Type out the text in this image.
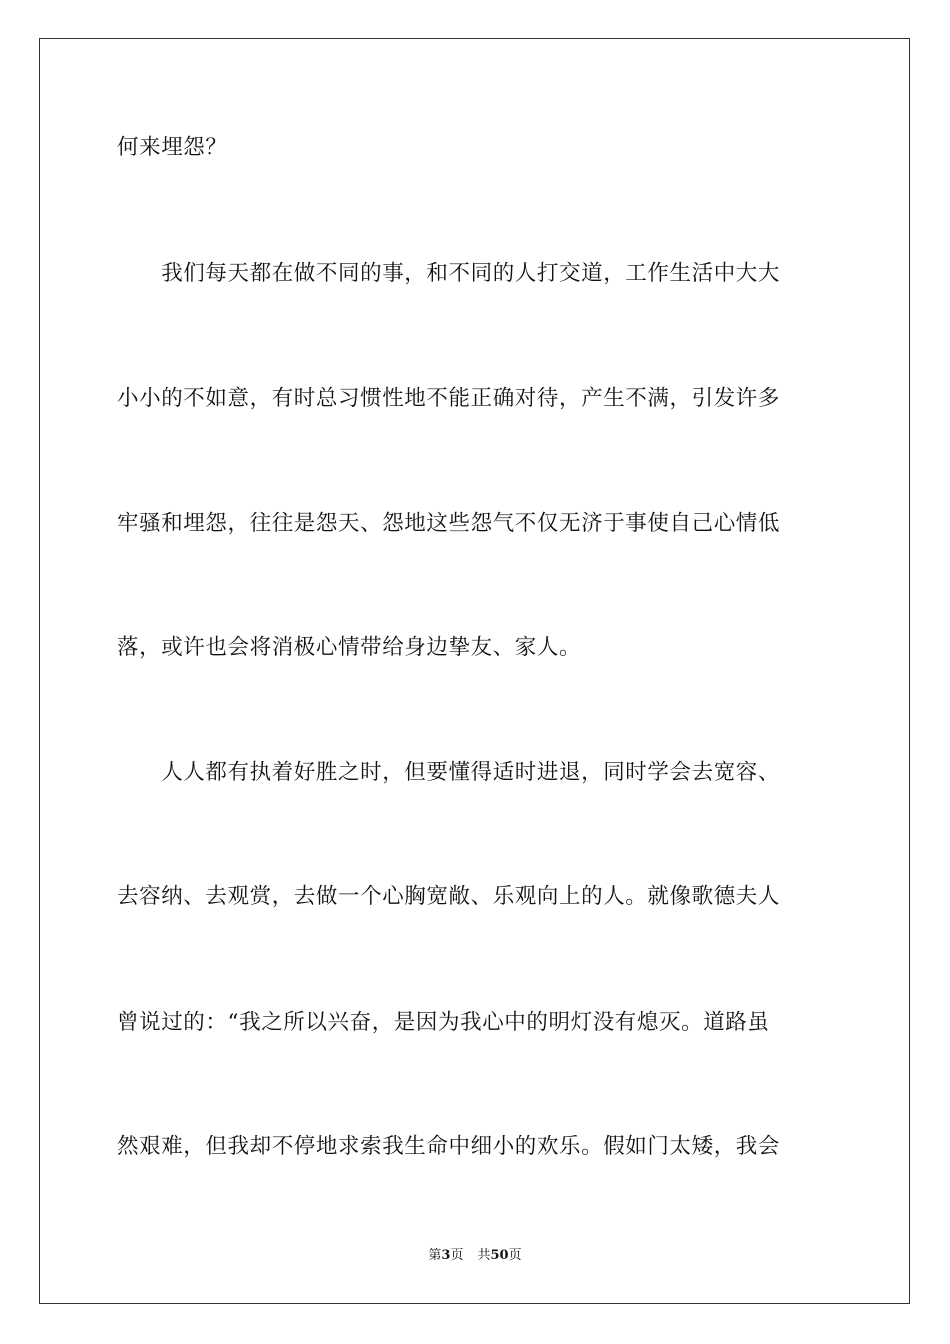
何来埋怨？
　　我们每天都在做不同的事，和不同的人打交道，工作生活中大大
小小的不如意，有时总习惯性地不能正确对待，产生不满，引发许多
牢骚和埋怨，往往是怨天、怨地这些怨气不仅无济于事使自己心情低
落，或许也会将消极心情带给身边挚友、家人。
　　人人都有执着好胜之时，但要懂得适时进退，同时学会去宽容、
去容纳、去观赏，去做一个心胸宽敞、乐观向上的人。就像歌德夫人
曾说过的：“我之所以兴奋，是因为我心中的明灯没有熄灭。道路虽
然艰难，但我却不停地求索我生命中细小的欢乐。假如门太矮，我会
第3页 共50页
